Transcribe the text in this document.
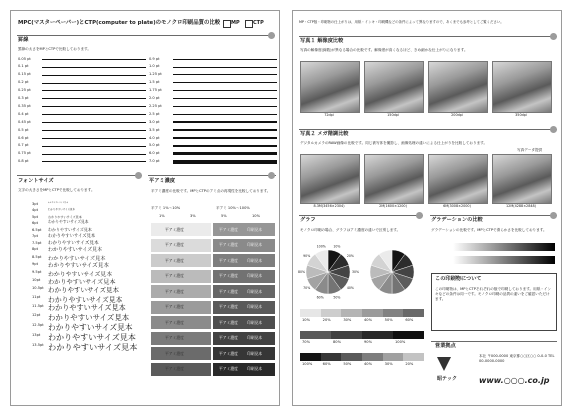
MPC(マスターペーパー)とCTP(computer to plate)のモノクロ印刷品質の比較 MP	CTP
罫線
罫線の太さをMPとCTPで比較しております。
0.05 pt
0.1 pt
0.15 pt
0.2 pt
0.25 pt
0.3 pt
0.35 pt
0.4 pt
0.45 pt
0.5 pt
0.6 pt
0.7 pt
0.75 pt
0.8 pt
0.9 pt
1.0 pt
1.25 pt
1.5 pt
1.75 pt
2.0 pt
2.25 pt
2.5 pt
3.0 pt
3.5 pt
4.0 pt
5.0 pt
6.0 pt
7.0 pt
フォントサイズ
文字の大きさをMPとCTPで比較しております。
3pt	わかりやすいサイズ見本
4pt	わかりやすいサイズ見本
5pt	わかりやすいサイズ見本
6pt	わかりやすいサイズ見本
6.5pt わかりやすいサイズ見本
7pt わかりやすいサイズ見本
7.5pt わかりやすいサイズ見本
8pt わかりやすいサイズ見本
8.5pt わかりやすいサイズ見本
9pt わかりやすいサイズ見本
9.5pt わかりやすいサイズ見本
10pt わかりやすいサイズ見本
10.5pt わかりやすいサイズ見本
11pt わかりやすいサイズ見本
11.5pt わかりやすいサイズ見本
12pt わかりやすいサイズ見本
12.5pt わかりやすいサイズ見本
13pt わかりやすいサイズ見本
13.5pt わかりやすいサイズ見本
平アミ濃度
平アミ濃度の比較です。MPとCTPのアミ点の再現性を比較しております。
平アミ 1%〜10%	平アミ 10%〜100%
1%	3%	5%	10%
平アミ濃度	平アミ濃度 印刷見本
平アミ濃度	平アミ濃度 印刷見本
平アミ濃度	平アミ濃度 印刷見本
平アミ濃度	平アミ濃度 印刷見本
平アミ濃度	平アミ濃度 印刷見本
平アミ濃度	平アミ濃度 印刷見本
平アミ濃度	平アミ濃度 印刷見本
平アミ濃度	平アミ濃度 印刷見本
平アミ濃度	平アミ濃度 印刷見本
平アミ濃度	平アミ濃度 印刷見本
MP・CTP版・印刷物の仕上がりは、用紙・インキ・印刷機などの条件によって異なりますので、あくまでも参考としてご覧ください。
写真１ 解像度比較
写真の解像度(線数)が異なる場合の比較です。解像度が高くなるほど、きめ細かな仕上がりになります。
72dpi	150dpi	200dpi	350dpi
写真２ メガ階調比較
デジタルカメラのRAW画像の比較です。同じ被写体を撮影し、画像処理の違いによる仕上がりを比較しております。
写真データ提供
8.3M(3456×2304)	2M(1600×1200)	6M(3008×2000)	12M(4288×2848)
グラフ
モノクロ印刷の場合、グラフはアミ濃度の違いで区別します。
10%
20%
30%
40%
50%
60%
70%
80%
90%
100%
10%	20%	30%	40%	50%	60%
70%	80%	90%	100%
100%	60%	50%	40%	30%	20%
グラデーションの比較
グラデーションの比較です。MPとCTPで滑らかさを比較しております。
この印刷物について
この印刷物は、MPとCTPそれぞれの版で印刷しております。用紙・インキなどの条件は同一です。モノクロ印刷の品質の違いをご確認いただけます。
営業拠点
本社 〒000-0000 東京都○○区○○ 0-0-0 TEL 00-0000-0000
昭テック	www.○○○.co.jp
